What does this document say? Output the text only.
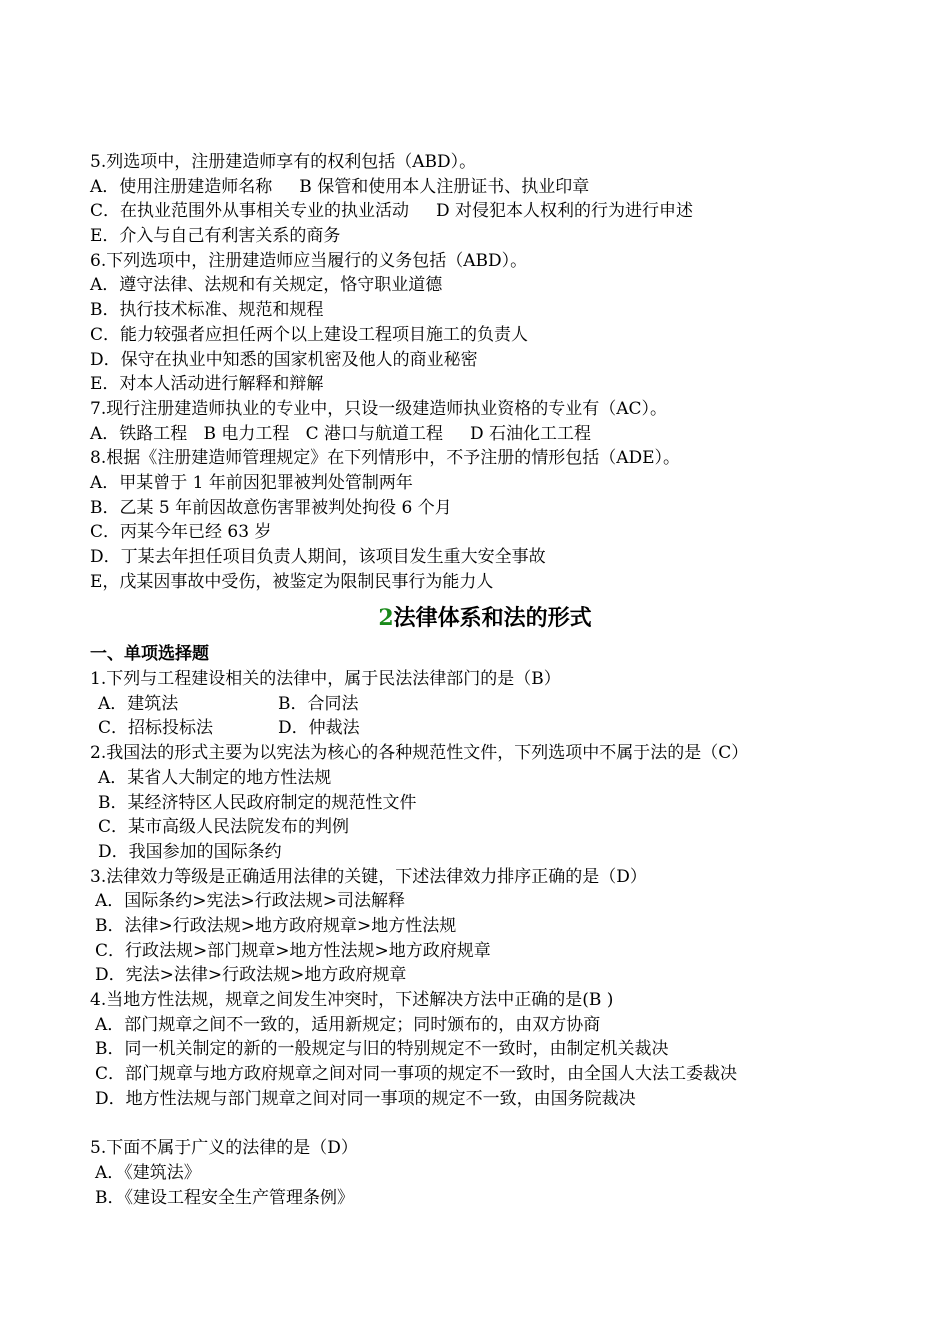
5.列选项中，注册建造师享有的权利包括（ABD）。
A．使用注册建造师名称     B 保管和使用本人注册证书、执业印章
C．在执业范围外从事相关专业的执业活动     D 对侵犯本人权利的行为进行申述
E．介入与自己有利害关系的商务
6.下列选项中，注册建造师应当履行的义务包括（ABD）。
A．遵守法律、法规和有关规定，恪守职业道德
B．执行技术标准、规范和规程
C．能力较强者应担任两个以上建设工程项目施工的负责人
D．保守在执业中知悉的国家机密及他人的商业秘密
E．对本人活动进行解释和辩解
7.现行注册建造师执业的专业中，只设一级建造师执业资格的专业有（AC）。
A．铁路工程   B 电力工程   C 港口与航道工程     D 石油化工工程
8.根据《注册建造师管理规定》在下列情形中，不予注册的情形包括（ADE）。
A．甲某曾于 1 年前因犯罪被判处管制两年
B．乙某 5 年前因故意伤害罪被判处拘役 6 个月
C．丙某今年已经 63 岁
D．丁某去年担任项目负责人期间，该项目发生重大安全事故
E，戊某因事故中受伤，被鉴定为限制民事行为能力人
2法律体系和法的形式
一、单项选择题
1.下列与工程建设相关的法律中，属于民法法律部门的是（B）
A．建筑法	B．合同法
C．招标投标法	D．仲裁法
2.我国法的形式主要为以宪法为核心的各种规范性文件，下列选项中不属于法的是（C）
A．某省人大制定的地方性法规
B．某经济特区人民政府制定的规范性文件
C．某市高级人民法院发布的判例
D．我国参加的国际条约
3.法律效力等级是正确适用法律的关键，下述法律效力排序正确的是（D）
A．国际条约>宪法>行政法规>司法解释
B．法律>行政法规>地方政府规章>地方性法规
C．行政法规>部门规章>地方性法规>地方政府规章
D．宪法>法律>行政法规>地方政府规章
4.当地方性法规，规章之间发生冲突时，下述解决方法中正确的是(B )
A．部门规章之间不一致的，适用新规定；同时颁布的，由双方协商
B．同一机关制定的新的一般规定与旧的特别规定不一致时，由制定机关裁决
C．部门规章与地方政府规章之间对同一事项的规定不一致时，由全国人大法工委裁决
D．地方性法规与部门规章之间对同一事项的规定不一致，由国务院裁决
5.下面不属于广义的法律的是（D）
A．《建筑法》
B．《建设工程安全生产管理条例》
